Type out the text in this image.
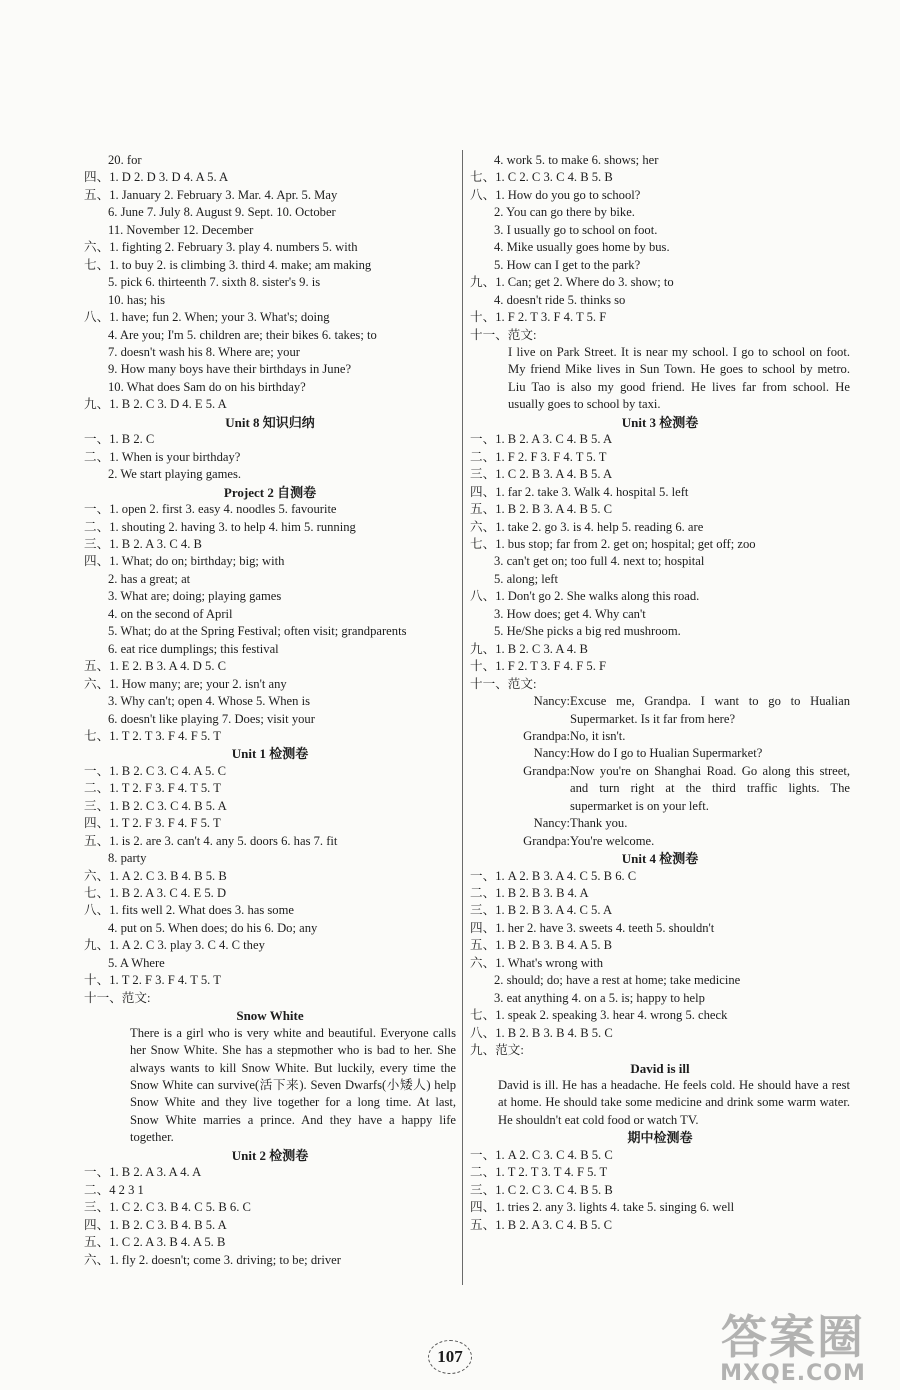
20. for
四、1. D 2. D 3. D 4. A 5. A
五、1. January 2. February 3. Mar. 4. Apr. 5. May
6. June 7. July 8. August 9. Sept. 10. October
11. November 12. December
六、1. fighting 2. February 3. play 4. numbers 5. with
七、1. to buy 2. is climbing 3. third 4. make; am making
5. pick 6. thirteenth 7. sixth 8. sister's 9. is
10. has; his
八、1. have; fun 2. When; your 3. What's; doing
4. Are you; I'm 5. children are; their bikes 6. takes; to
7. doesn't wash his 8. Where are; your
9. How many boys have their birthdays in June?
10. What does Sam do on his birthday?
九、1. B 2. C 3. D 4. E 5. A
Unit 8 知识归纳
一、1. B 2. C
二、1. When is your birthday?
2. We start playing games.
Project 2 自测卷
一、1. open 2. first 3. easy 4. noodles 5. favourite
二、1. shouting 2. having 3. to help 4. him 5. running
三、1. B 2. A 3. C 4. B
四、1. What; do on; birthday; big; with
2. has a great; at
3. What are; doing; playing games
4. on the second of April
5. What; do at the Spring Festival; often visit; grandparents
6. eat rice dumplings; this festival
五、1. E 2. B 3. A 4. D 5. C
六、1. How many; are; your 2. isn't any
3. Why can't; open 4. Whose 5. When is
6. doesn't like playing 7. Does; visit your
七、1. T 2. T 3. F 4. F 5. T
Unit 1 检测卷
一、1. B 2. C 3. C 4. A 5. C
二、1. T 2. F 3. F 4. T 5. T
三、1. B 2. C 3. C 4. B 5. A
四、1. T 2. F 3. F 4. F 5. T
五、1. is 2. are 3. can't 4. any 5. doors 6. has 7. fit
8. party
六、1. A 2. C 3. B 4. B 5. B
七、1. B 2. A 3. C 4. E 5. D
八、1. fits well 2. What does 3. has some
4. put on 5. When does; do his 6. Do; any
九、1. A 2. C 3. play 3. C 4. C they
5. A Where
十、1. T 2. F 3. F 4. T 5. T
十一、范文:
Snow White
There is a girl who is very white and beautiful. Everyone calls her Snow White. She has a stepmother who is bad to her. She always wants to kill Snow White. But luckily, every time the Snow White can survive(活下来). Seven Dwarfs(小矮人) help Snow White and they live together for a long time. At last, Snow White marries a prince. And they have a happy life together.
Unit 2 检测卷
一、1. B 2. A 3. A 4. A
二、4 2 3 1
三、1. C 2. C 3. B 4. C 5. B 6. C
四、1. B 2. C 3. B 4. B 5. A
五、1. C 2. A 3. B 4. A 5. B
六、1. fly 2. doesn't; come 3. driving; to be; driver
4. work 5. to make 6. shows; her
七、1. C 2. C 3. C 4. B 5. B
八、1. How do you go to school?
2. You can go there by bike.
3. I usually go to school on foot.
4. Mike usually goes home by bus.
5. How can I get to the park?
九、1. Can; get 2. Where do 3. show; to
4. doesn't ride 5. thinks so
十、1. F 2. T 3. F 4. T 5. F
十一、范文:
I live on Park Street. It is near my school. I go to school on foot. My friend Mike lives in Sun Town. He goes to school by metro. Liu Tao is also my good friend. He lives far from school. He usually goes to school by taxi.
Unit 3 检测卷
一、1. B 2. A 3. C 4. B 5. A
二、1. F 2. F 3. F 4. T 5. T
三、1. C 2. B 3. A 4. B 5. A
四、1. far 2. take 3. Walk 4. hospital 5. left
五、1. B 2. B 3. A 4. B 5. C
六、1. take 2. go 3. is 4. help 5. reading 6. are
七、1. bus stop; far from 2. get on; hospital; get off; zoo
3. can't get on; too full 4. next to; hospital
5. along; left
八、1. Don't go 2. She walks along this road.
3. How does; get 4. Why can't
5. He/She picks a big red mushroom.
九、1. B 2. C 3. A 4. B
十、1. F 2. T 3. F 4. F 5. F
十一、范文:
Nancy: Excuse me, Grandpa. I want to go to Hualian Supermarket. Is it far from here?
Grandpa: No, it isn't.
Nancy: How do I go to Hualian Supermarket?
Grandpa: Now you're on Shanghai Road. Go along this street, and turn right at the third traffic lights. The supermarket is on your left.
Nancy: Thank you.
Grandpa: You're welcome.
Unit 4 检测卷
一、1. A 2. B 3. A 4. C 5. B 6. C
二、1. B 2. B 3. B 4. A
三、1. B 2. B 3. A 4. C 5. A
四、1. her 2. have 3. sweets 4. teeth 5. shouldn't
五、1. B 2. B 3. B 4. A 5. B
六、1. What's wrong with
2. should; do; have a rest at home; take medicine
3. eat anything 4. on a 5. is; happy to help
七、1. speak 2. speaking 3. hear 4. wrong 5. check
八、1. B 2. B 3. B 4. B 5. C
九、范文:
David is ill
David is ill. He has a headache. He feels cold. He should have a rest at home. He should take some medicine and drink some warm water. He shouldn't eat cold food or watch TV.
期中检测卷
一、1. A 2. C 3. C 4. B 5. C
二、1. T 2. T 3. T 4. F 5. T
三、1. C 2. C 3. C 4. B 5. B
四、1. tries 2. any 3. lights 4. take 5. singing 6. well
五、1. B 2. A 3. C 4. B 5. C
107	答案圈
MXQE.COM
